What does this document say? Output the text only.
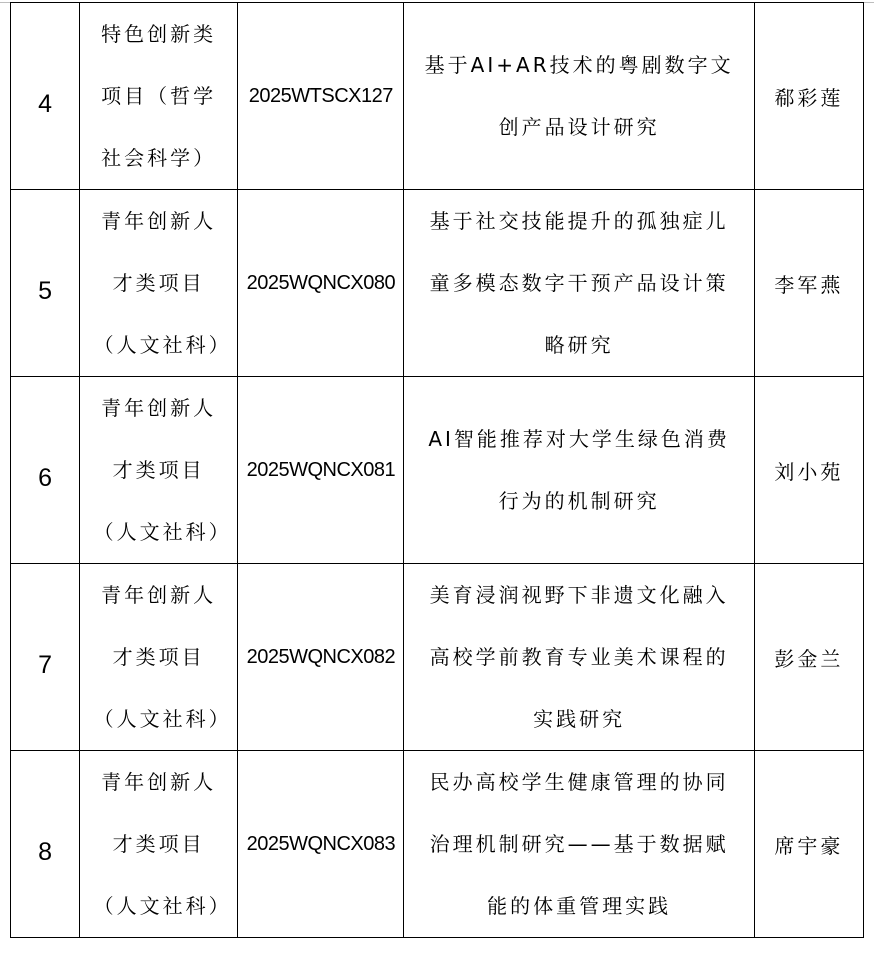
4	特色创新类项目（哲学社会科学）	2025WTSCX127	基于AI+AR技术的粤剧数字文创产品设计研究	郗彩莲

5	青年创新人才类项目（人文社科）	2025WQNCX080	基于社交技能提升的孤独症儿童多模态数字干预产品设计策略研究	李军燕

6	青年创新人才类项目（人文社科）	2025WQNCX081	AI智能推荐对大学生绿色消费行为的机制研究	刘小苑

7	青年创新人才类项目（人文社科）	2025WQNCX082	美育浸润视野下非遗文化融入高校学前教育专业美术课程的实践研究	彭金兰

8	青年创新人才类项目（人文社科）	2025WQNCX083	民办高校学生健康管理的协同治理机制研究——基于数据赋能的体重管理实践	席宇豪
